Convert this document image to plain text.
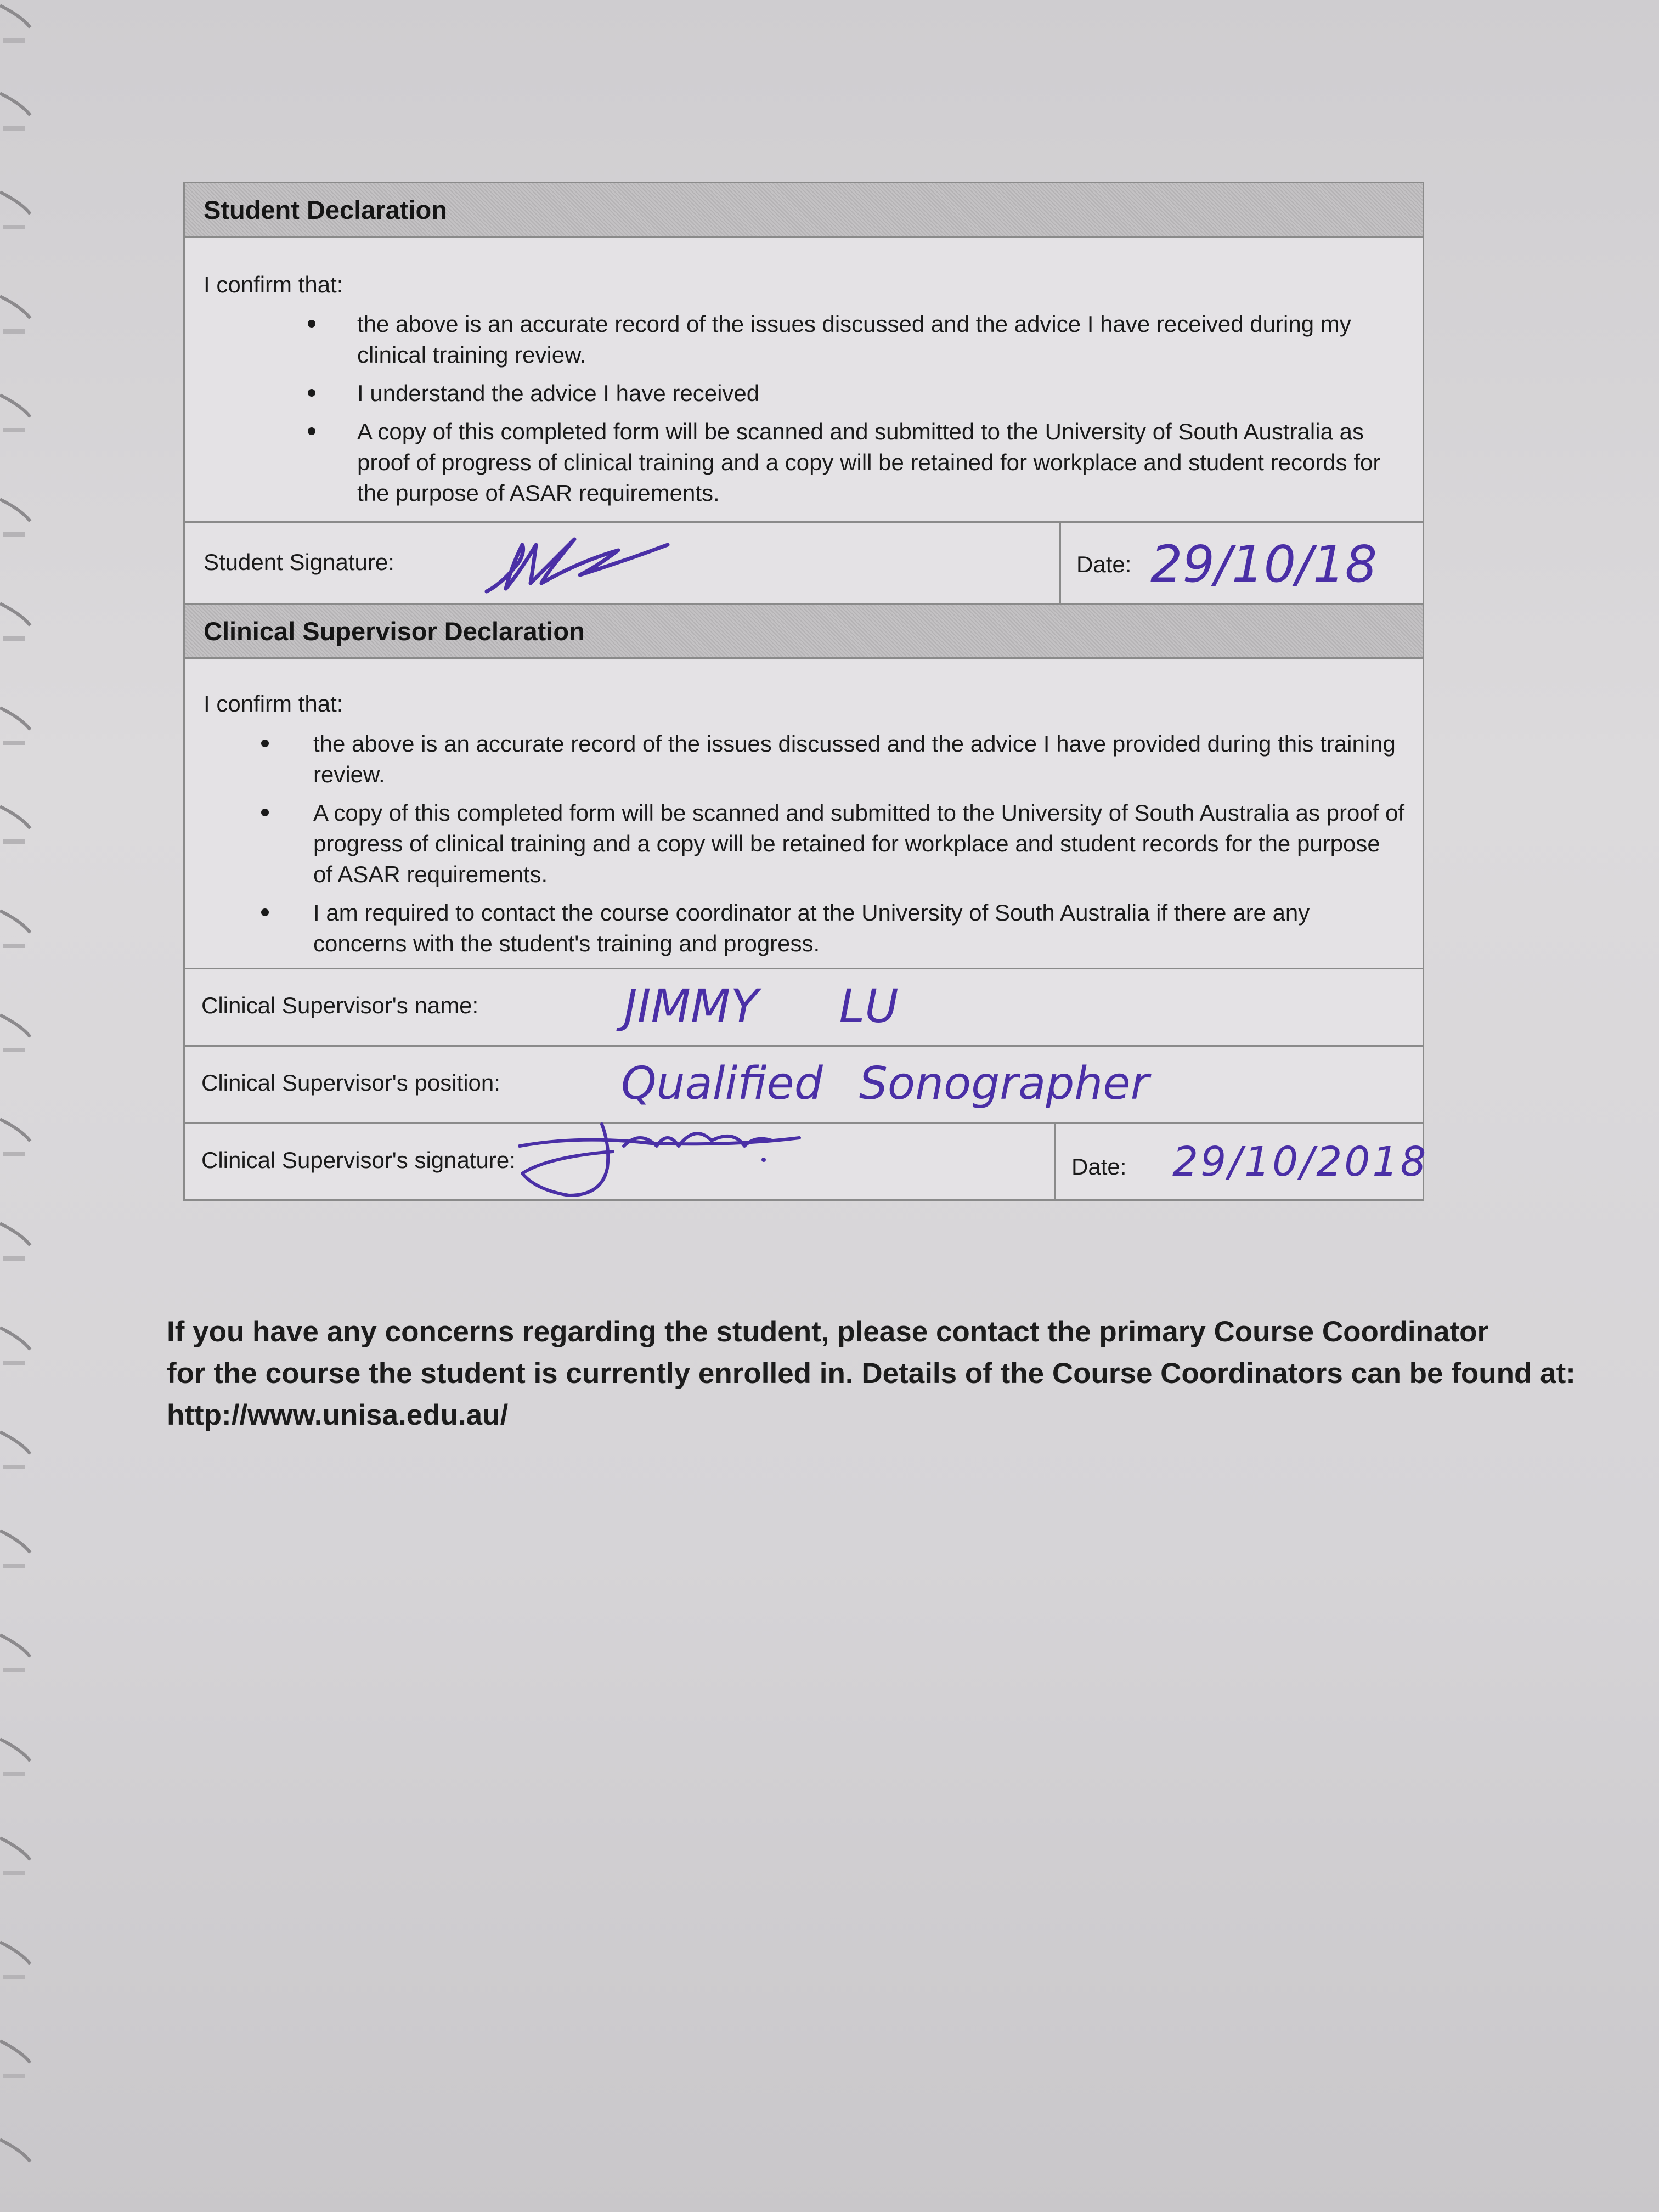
Student Declaration
I confirm that:
the above is an accurate record of the issues discussed and the advice I have received during my clinical training review.
I understand the advice I have received
A copy of this completed form will be scanned and submitted to the University of South Australia as proof of progress of clinical training and a copy will be retained for workplace and student records for the purpose of ASAR requirements.
Student Signature:	Date: 29/10/18
Clinical Supervisor Declaration
I confirm that:
the above is an accurate record of the issues discussed and the advice I have provided during this training review.
A copy of this completed form will be scanned and submitted to the University of South Australia as proof of progress of clinical training and a copy will be retained for workplace and student records for the purpose of ASAR requirements.
I am required to contact the course coordinator at the University of South Australia if there are any concerns with the student's training and progress.
Clinical Supervisor's name:	JIMMY LU
Clinical Supervisor's position:	Qualified Sonographer
Clinical Supervisor's signature:	Date: 29/10/2018
If you have any concerns regarding the student, please contact the primary Course Coordinator
for the course the student is currently enrolled in. Details of the Course Coordinators can be found at:
http://www.unisa.edu.au/
